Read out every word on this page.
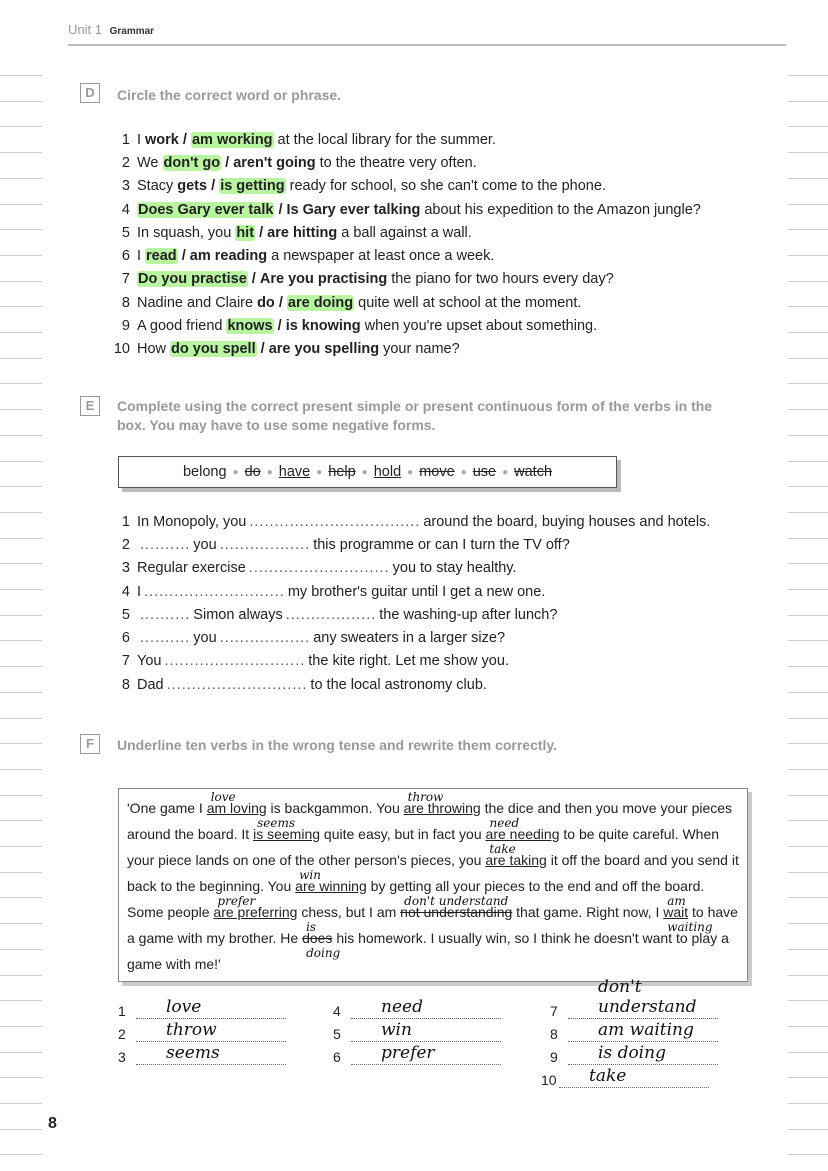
Unit 1 Grammar
D	Circle the correct word or phrase.
1 I work / am working at the local library for the summer.
2 We don't go / aren't going to the theatre very often.
3 Stacy gets / is getting ready for school, so she can't come to the phone.
4 Does Gary ever talk / Is Gary ever talking about his expedition to the Amazon jungle?
5 In squash, you hit / are hitting a ball against a wall.
6 I read / am reading a newspaper at least once a week.
7 Do you practise / Are you practising the piano for two hours every day?
8 Nadine and Claire do / are doing quite well at school at the moment.
9 A good friend knows / is knowing when you're upset about something.
10 How do you spell / are you spelling your name?
E	Complete using the correct present simple or present continuous form of the verbs in the box. You may have to use some negative forms.
belong ● do ● have ● help ● hold ● move ● use ● watch
1 In Monopoly, you .................................. around the board, buying houses and hotels.
2 .......... you .................. this programme or can I turn the TV off?
3 Regular exercise ............................ you to stay healthy.
4 I ............................ my brother's guitar until I get a new one.
5 .......... Simon always .................. the washing-up after lunch?
6 .......... you .................. any sweaters in a larger size?
7 You ............................ the kite right. Let me show you.
8 Dad ............................ to the local astronomy club.
F	Underline ten verbs in the wrong tense and rewrite them correctly.
'One game I
love
am loving is backgammon. You
throw
are throwing the dice and then you move your pieces around the board. It
seems
is seeming quite easy, but in fact you
need
are needing to be quite careful. When your piece lands on one of the other person's pieces, you
take
are taking it off the board and you send it back to the beginning. You
win
are winning by getting all your pieces to the end and off the board. Some people
prefer
are preferring chess, but I am
don't understand
not understanding that game. Right now, I
am waiting
wait to have a game with my brother. He
is doing
does his homework. I usually win, so I think he doesn't want to play a game with me!'
1	love
2	throw
3	seems
4	need
5	win
6	prefer
7
don't understand
8	am waiting
9	is doing
10 take
8
